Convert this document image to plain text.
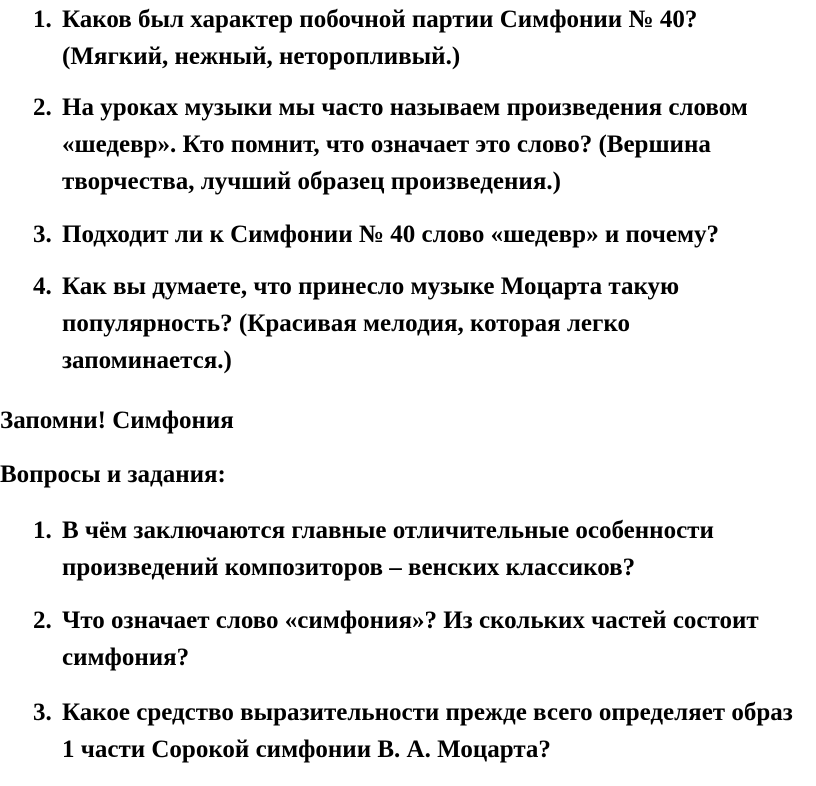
1. Каков был характер побочной партии Симфонии № 40? (Мягкий, нежный, неторопливый.)
2. На уроках музыки мы часто называем произведения словом «шедевр». Кто помнит, что означает это слово? (Вершина творчества, лучший образец произведения.)
3. Подходит ли к Симфонии № 40 слово «шедевр» и почему?
4. Как вы думаете, что принесло музыке Моцарта такую популярность? (Красивая мелодия, которая легко запоминается.)

Запомни! Симфония

Вопросы и задания:

1. В чём заключаются главные отличительные особенности произведений композиторов – венских классиков?
2. Что означает слово «симфония»? Из скольких частей состоит симфония?
3. Какое средство выразительности прежде всего определяет образ 1 части Сорокой симфонии В. А. Моцарта?
